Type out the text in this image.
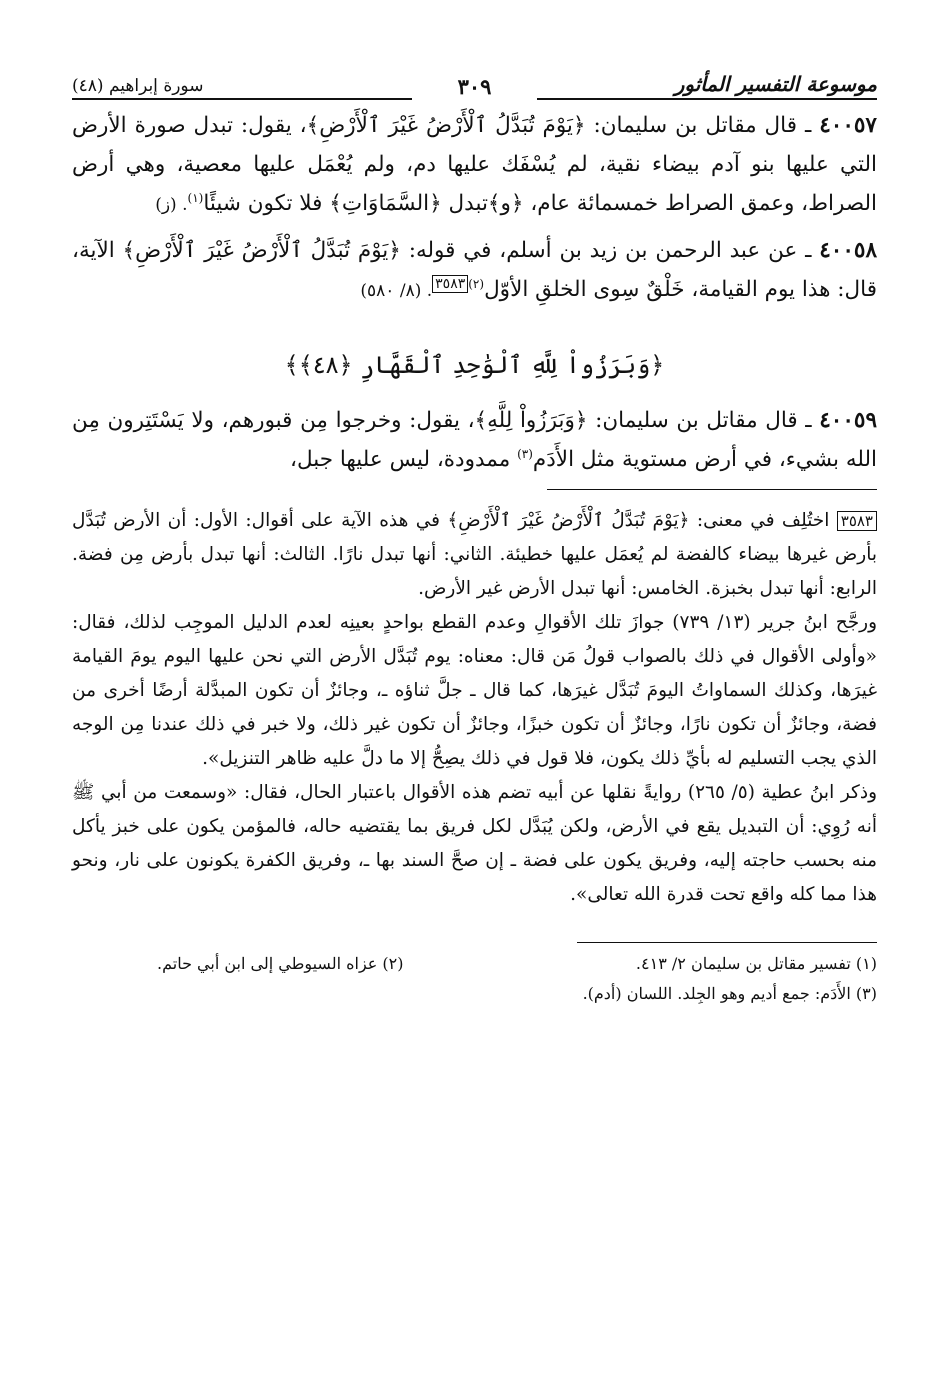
موسوعة التفسير المأثور
٣٠٩
سورة إبراهيم (٤٨)
٤٠٠٥٧ ـ قال مقاتل بن سليمان: ﴿يَوْمَ تُبَدَّلُ ٱلْأَرْضُ غَيْرَ ٱلْأَرْضِ﴾، يقول: تبدل صورة الأرض التي عليها بنو آدم بيضاء نقية، لم يُسْفَك عليها دم، ولم يُعْمَل عليها معصية، وهي أرض الصراط، وعمق الصراط خمسمائة عام، ﴿و﴾تبدل ﴿السَّمَاوَاتِ﴾ فلا تكون شيئًا$^{(١)}$. (ز)
٤٠٠٥٨ ـ عن عبد الرحمن بن زيد بن أسلم، في قوله: ﴿يَوْمَ تُبَدَّلُ ٱلْأَرْضُ غَيْرَ ٱلْأَرْضِ﴾ الآية، قال: هذا يوم القيامة، خَلْقٌ سِوى الخلقِ الأوّل$^{(٢)٣٥٨٣}$. (٨/ ٥٨٠)
﴿وَبَرَزُواْ لِلَّهِ ٱلْوَٰحِدِ ٱلْقَهَّارِ ﴿٤٨﴾﴾
٤٠٠٥٩ ـ قال مقاتل بن سليمان: ﴿وَبَرَزُواْ لِلَّهِ﴾، يقول: وخرجوا مِن قبورهم، ولا يَسْتَتِرون مِن الله بشيء، في أرض مستوية مثل الأَدَم$^{(٣)}$ ممدودة، ليس عليها جبل،

٣٥٨٣ اختُلِف في معنى: ﴿يَوْمَ تُبَدَّلُ ٱلْأَرْضُ غَيْرَ ٱلْأَرْضِ﴾ في هذه الآية على أقوال: الأول: أن الأرض تُبَدَّل بأرض غيرها بيضاء كالفضة لم يُعمَل عليها خطيئة. الثاني: أنها تبدل نارًا. الثالث: أنها تبدل بأرض مِن فضة. الرابع: أنها تبدل بخبزة. الخامس: أنها تبدل الأرض غير الأرض.

ورجَّح ابنُ جرير (١٣/ ٧٣٩) جوازَ تلك الأقوالِ وعدم القطع بواحدٍ بعينِه لعدم الدليل الموجِب لذلك، فقال: «وأولى الأقوال في ذلك بالصواب قولُ مَن قال: معناه: يوم تُبَدَّل الأرض التي نحن عليها اليوم يومَ القيامة غيرَها، وكذلك السماواتُ اليومَ تُبَدَّل غيرَها، كما قال ـ جلَّ ثناؤه ـ، وجائزٌ أن تكون المبدَّلة أرضًا أخرى من فضة، وجائزٌ أن تكون نارًا، وجائزٌ أن تكون خبزًا، وجائزٌ أن تكون غير ذلك، ولا خبر في ذلك عندنا مِن الوجه الذي يجب التسليم له بأيِّ ذلك يكون، فلا قول في ذلك يصِحُّ إلا ما دلَّ عليه ظاهر التنزيل».

وذكر ابنُ عطية (٥/ ٢٦٥) روايةً نقلها عن أبيه تضم هذه الأقوال باعتبار الحال، فقال: «وسمعت من أبي ﷺ أنه رُوِي: أن التبديل يقع في الأرض، ولكن يُبَدَّل لكل فريق بما يقتضيه حاله، فالمؤمن يكون على خبز يأكل منه بحسب حاجته إليه، وفريق يكون على فضة ـ إن صحَّ السند بها ـ، وفريق الكفرة يكونون على نار، ونحو هذا مما كله واقع تحت قدرة الله تعالى».

(١) تفسير مقاتل بن سليمان ٢/ ٤١٣.
(٢) عزاه السيوطي إلى ابن أبي حاتم.
(٣) الأَدَم: جمع أديم وهو الجِلد. اللسان (أدم).
